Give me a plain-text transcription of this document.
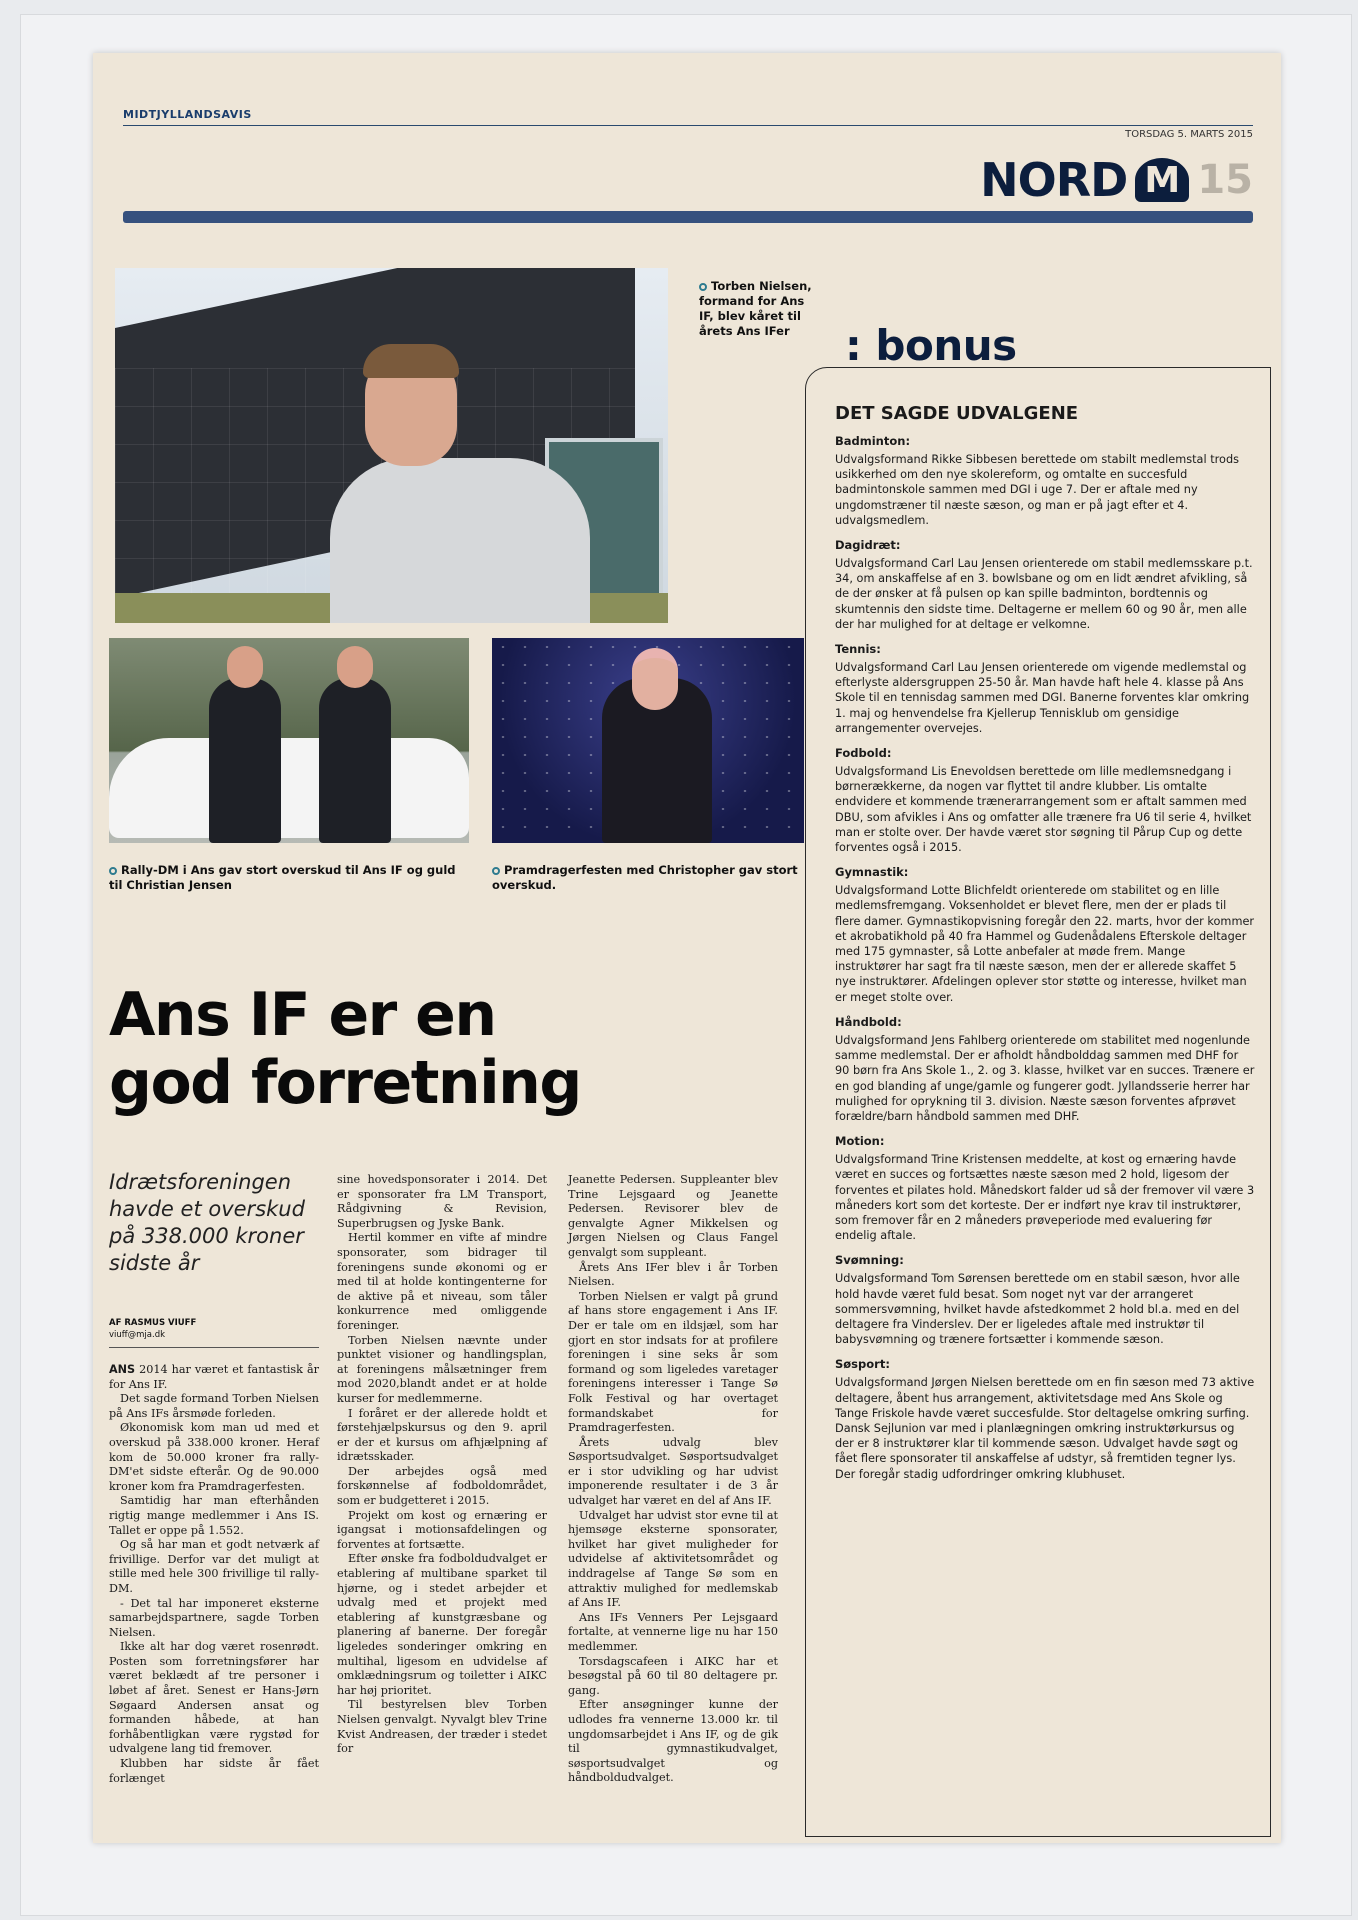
MIDTJYLLANDSAVIS
TORSDAG 5. MARTS 2015
NORD M 15
Torben Nielsen, formand for Ans IF, blev kåret til årets Ans IFer
Rally-DM i Ans gav stort overskud til Ans IF og guld til Christian Jensen
Pramdragerfesten med Christopher gav stort overskud.
Ans IF er en
god forretning
Idrætsforeningen havde et overskud på 338.000 kroner sidste år
AF RASMUS VIUFF
viuff@mja.dk

ANS 2014 har været et fantastisk år for Ans IF.

Det sagde formand Torben Nielsen på Ans IFs årsmøde forleden.

Økonomisk kom man ud med et overskud på 338.000 kroner. Heraf kom de 50.000 kroner fra rally-DM'et sidste efterår. Og de 90.000 kroner kom fra Pramdragerfesten.

Samtidig har man efterhånden rigtig mange medlemmer i Ans IS. Tallet er oppe på 1.552.

Og så har man et godt netværk af frivillige. Derfor var det muligt at stille med hele 300 frivillige til rally-DM.

- Det tal har imponeret eksterne samarbejdspartnere, sagde Torben Nielsen.

Ikke alt har dog været rosenrødt. Posten som forretningsfører har været beklædt af tre personer i løbet af året. Senest er Hans-Jørn Søgaard Andersen ansat og formanden håbede, at han forhåbentligkan være rygstød for udvalgene lang tid fremover.

Klubben har sidste år fået forlænget

sine hovedsponsorater i 2014. Det er sponsorater fra LM Transport, Rådgivning & Revision, Superbrugsen og Jyske Bank.

Hertil kommer en vifte af mindre sponsorater, som bidrager til foreningens sunde økonomi og er med til at holde kontingenterne for de aktive på et niveau, som tåler konkurrence med omliggende foreninger.

Torben Nielsen nævnte under punktet visioner og handlingsplan, at foreningens målsætninger frem mod 2020,blandt andet er at holde kurser for medlemmerne.

I foråret er der allerede holdt et førstehjælpskursus og den 9. april er der et kursus om afhjælpning af idrætsskader.

Der arbejdes også med forskønnelse af fodboldområdet, som er budgetteret i 2015.

Projekt om kost og ernæring er igangsat i motionsafdelingen og forventes at fortsætte.

Efter ønske fra fodboldudvalget er etablering af multibane sparket til hjørne, og i stedet arbejder et udvalg med et projekt med etablering af kunstgræsbane og planering af banerne. Der foregår ligeledes sonderinger omkring en multihal, ligesom en udvidelse af omklædningsrum og toiletter i AIKC har høj prioritet.

Til bestyrelsen blev Torben Nielsen genvalgt. Nyvalgt blev Trine Kvist Andreasen, der træder i stedet for

Jeanette Pedersen. Suppleanter blev Trine Lejsgaard og Jeanette Pedersen. Revisorer blev de genvalgte Agner Mikkelsen og Jørgen Nielsen og Claus Fangel genvalgt som suppleant.

Årets Ans IFer blev i år Torben Nielsen.

Torben Nielsen er valgt på grund af hans store engagement i Ans IF. Der er tale om en ildsjæl, som har gjort en stor indsats for at profilere foreningen i sine seks år som formand og som ligeledes varetager foreningens interesser i Tange Sø Folk Festival og har overtaget formandskabet for Pramdragerfesten.

Årets udvalg blev Søsportsudvalget. Søsportsudvalget er i stor udvikling og har udvist imponerende resultater i de 3 år udvalget har været en del af Ans IF.

Udvalget har udvist stor evne til at hjemsøge eksterne sponsorater, hvilket har givet muligheder for udvidelse af aktivitetsområdet og inddragelse af Tange Sø som en attraktiv mulighed for medlemskab af Ans IF.

Ans IFs Venners Per Lejsgaard fortalte, at vennerne lige nu har 150 medlemmer.

Torsdagscafeen i AIKC har et besøgstal på 60 til 80 deltagere pr. gang.

Efter ansøgninger kunne der udlodes fra vennerne 13.000 kr. til ungdomsarbejdet i Ans IF, og de gik til gymnastikudvalget, søsportsudvalget og håndboldudvalget.

: bonus
DET SAGDE UDVALGENE
Badminton:

Udvalgsformand Rikke Sibbesen berettede om stabilt medlemstal trods usikkerhed om den nye skolereform, og omtalte en succesfuld badmintonskole sammen med DGI i uge 7. Der er aftale med ny ungdomstræner til næste sæson, og man er på jagt efter et 4. udvalgsmedlem.

Dagidræt:

Udvalgsformand Carl Lau Jensen orienterede om stabil medlemsskare p.t. 34, om anskaffelse af en 3. bowlsbane og om en lidt ændret afvikling, så de der ønsker at få pulsen op kan spille badminton, bordtennis og skumtennis den sidste time. Deltagerne er mellem 60 og 90 år, men alle der har mulighed for at deltage er velkomne.

Tennis:

Udvalgsformand Carl Lau Jensen orienterede om vigende medlemstal og efterlyste aldersgruppen 25-50 år. Man havde haft hele 4. klasse på Ans Skole til en tennisdag sammen med DGI. Banerne forventes klar omkring 1. maj og henvendelse fra Kjellerup Tennisklub om gensidige arrangementer overvejes.

Fodbold:

Udvalgsformand Lis Enevoldsen berettede om lille medlemsnedgang i børnerækkerne, da nogen var flyttet til andre klubber. Lis omtalte endvidere et kommende trænerarrangement som er aftalt sammen med DBU, som afvikles i Ans og omfatter alle trænere fra U6 til serie 4, hvilket man er stolte over. Der havde været stor søgning til Pårup Cup og dette forventes også i 2015.

Gymnastik:

Udvalgsformand Lotte Blichfeldt orienterede om stabilitet og en lille medlemsfremgang. Voksenholdet er blevet flere, men der er plads til flere damer. Gymnastikopvisning foregår den 22. marts, hvor der kommer et akrobatikhold på 40 fra Hammel og Gudenådalens Efterskole deltager med 175 gymnaster, så Lotte anbefaler at møde frem. Mange instruktører har sagt fra til næste sæson, men der er allerede skaffet 5 nye instruktører. Afdelingen oplever stor støtte og interesse, hvilket man er meget stolte over.

Håndbold:

Udvalgsformand Jens Fahlberg orienterede om stabilitet med nogenlunde samme medlemstal. Der er afholdt håndbolddag sammen med DHF for 90 børn fra Ans Skole 1., 2. og 3. klasse, hvilket var en succes. Trænere er en god blanding af unge/gamle og fungerer godt. Jyllandsserie herrer har mulighed for oprykning til 3. division. Næste sæson forventes afprøvet forældre/barn håndbold sammen med DHF.

Motion:

Udvalgsformand Trine Kristensen meddelte, at kost og ernæring havde været en succes og fortsættes næste sæson med 2 hold, ligesom der forventes et pilates hold. Månedskort falder ud så der fremover vil være 3 måneders kort som det korteste. Der er indført nye krav til instruktører, som fremover får en 2 måneders prøveperiode med evaluering før endelig aftale.

Svømning:

Udvalgsformand Tom Sørensen berettede om en stabil sæson, hvor alle hold havde været fuld besat. Som noget nyt var der arrangeret sommersvømning, hvilket havde afstedkommet 2 hold bl.a. med en del deltagere fra Vinderslev. Der er ligeledes aftale med instruktør til babysvømning og trænere fortsætter i kommende sæson.

Søsport:

Udvalgsformand Jørgen Nielsen berettede om en fin sæson med 73 aktive deltagere, åbent hus arrangement, aktivitetsdage med Ans Skole og Tange Friskole havde været succesfulde. Stor deltagelse omkring surfing. Dansk Sejlunion var med i planlægningen omkring instruktørkursus og der er 8 instruktører klar til kommende sæson. Udvalget havde søgt og fået flere sponsorater til anskaffelse af udstyr, så fremtiden tegner lys. Der foregår stadig udfordringer omkring klubhuset.
